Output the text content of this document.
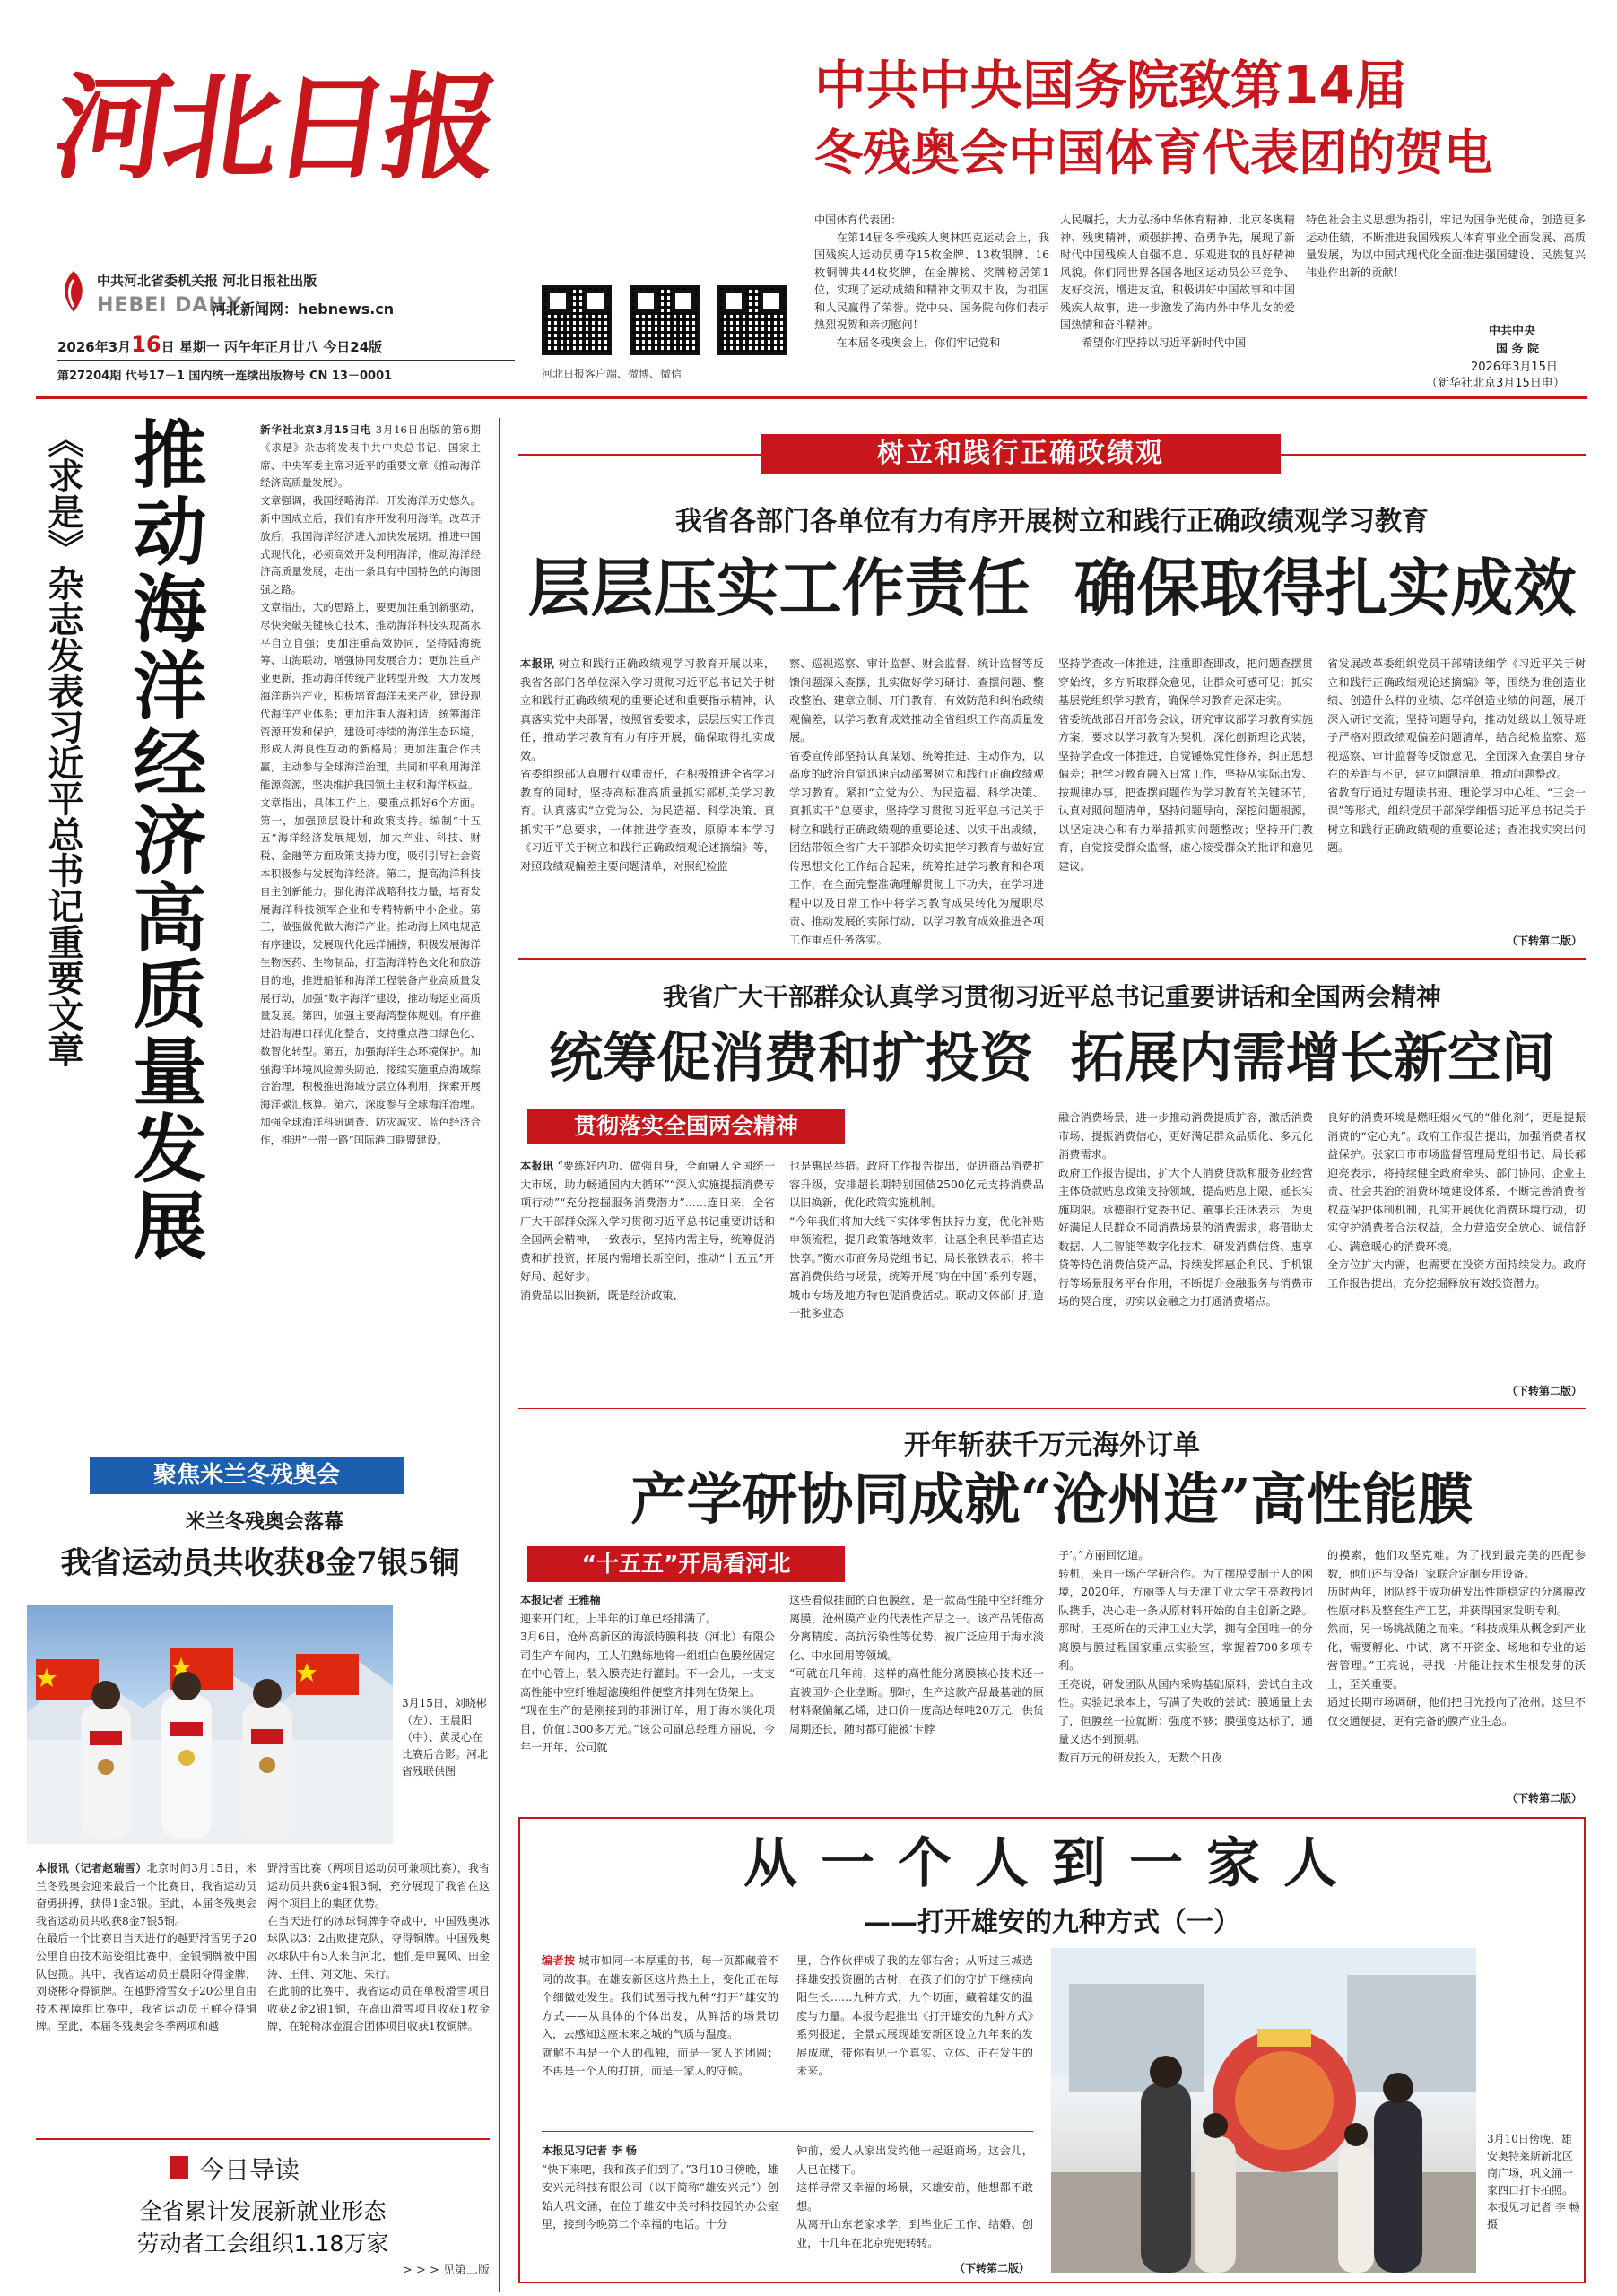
河北日报
中共河北省委机关报 河北日报社出版
HEBEI DAILY
河北新闻网：hebnews.cn
2026年3月16日 星期一 丙午年正月廿八 今日24版
第27204期 代号17－1 国内统一连续出版物号 CN 13－0001	河北日报客户端、微博、微信
中共中央国务院致第14届
冬残奥会中国体育代表团的贺电
中国体育代表团：
　　在第14届冬季残疾人奥林匹克运动会上，我国残疾人运动员勇夺15枚金牌、13枚银牌、16枚铜牌共44枚奖牌，在金牌榜、奖牌榜居第1位，实现了运动成绩和精神文明双丰收，为祖国和人民赢得了荣誉。党中央、国务院向你们表示热烈祝贺和亲切慰问！
　　在本届冬残奥会上，你们牢记党和
人民嘱托，大力弘扬中华体育精神、北京冬奥精神、残奥精神，顽强拼搏、奋勇争先，展现了新时代中国残疾人自强不息、乐观进取的良好精神风貌。你们同世界各国各地区运动员公平竞争、友好交流，增进友谊，积极讲好中国故事和中国残疾人故事，进一步激发了海内外中华儿女的爱国热情和奋斗精神。
　　希望你们坚持以习近平新时代中国
特色社会主义思想为指引，牢记为国争光使命，创造更多运动佳绩，不断推进我国残疾人体育事业全面发展、高质量发展，为以中国式现代化全面推进强国建设、民族复兴伟业作出新的贡献！
中共中央
国 务 院
2026年3月15日
（新华社北京3月15日电）
《求是》杂志发表习近平总书记重要文章 推动海洋经济高质量发展	新华社北京3月15日电 3月16日出版的第6期《求是》杂志将发表中共中央总书记、国家主席、中央军委主席习近平的重要文章《推动海洋经济高质量发展》。
文章强调，我国经略海洋、开发海洋历史悠久。新中国成立后，我们有序开发利用海洋。改革开放后，我国海洋经济进入加快发展期。推进中国式现代化，必须高效开发利用海洋，推动海洋经济高质量发展，走出一条具有中国特色的向海图强之路。
文章指出，大的思路上，要更加注重创新驱动，尽快突破关键核心技术，推动海洋科技实现高水平自立自强；更加注重高效协同，坚持陆海统筹、山海联动，增强协同发展合力；更加注重产业更新，推动海洋传统产业转型升级，大力发展海洋新兴产业，积极培育海洋未来产业，建设现代海洋产业体系；更加注重人海和谐，统筹海洋资源开发和保护，建设可持续的海洋生态环境，形成人海良性互动的新格局；更加注重合作共赢，主动参与全球海洋治理，共同和平利用海洋能源资源，坚决维护我国领土主权和海洋权益。
文章指出，具体工作上，要重点抓好6个方面。第一，加强顶层设计和政策支持。编制“十五五”海洋经济发展规划，加大产业、科技、财税、金融等方面政策支持力度，吸引引导社会资本积极参与发展海洋经济。第二，提高海洋科技自主创新能力。强化海洋战略科技力量，培育发展海洋科技领军企业和专精特新中小企业。第三，做强做优做大海洋产业。推动海上风电规范有序建设，发展现代化远洋捕捞，积极发展海洋生物医药、生物制品，打造海洋特色文化和旅游目的地，推进船舶和海洋工程装备产业高质量发展行动，加强“数字海洋”建设，推动海运业高质量发展。第四，加强主要海湾整体规划。有序推进沿海港口群优化整合，支持重点港口绿色化、数智化转型。第五，加强海洋生态环境保护。加强海洋环境风险源头防范，接续实施重点海域综合治理，积极推进海域分层立体利用，探索开展海洋碳汇核算。第六，深度参与全球海洋治理。加强全球海洋科研调查、防灾减灾、蓝色经济合作，推进“一带一路”国际港口联盟建设。
聚焦米兰冬残奥会
米兰冬残奥会落幕
我省运动员共收获8金7银5铜
3月15日，刘晓彬（左）、王晨阳（中）、黄灵心在比赛后合影。河北省残联供图
本报讯（记者赵瑞雪）北京时间3月15日，米兰冬残奥会迎来最后一个比赛日，我省运动员奋勇拼搏，获得1金3银。至此，本届冬残奥会我省运动员共收获8金7银5铜。
在最后一个比赛日当天进行的越野滑雪男子20公里自由技术站姿组比赛中，金银铜牌被中国队包揽。其中，我省运动员王晨阳夺得金牌，刘晓彬夺得铜牌。在越野滑雪女子20公里自由技术视障组比赛中，我省运动员王鲜夺得铜牌。至此，本届冬残奥会冬季两项和越
野滑雪比赛（两项目运动员可兼项比赛），我省运动员共获6金4银3铜，充分展现了我省在这两个项目上的集团优势。
在当天进行的冰球铜牌争夺战中，中国残奥冰球队以3：2击败捷克队，夺得铜牌。中国残奥冰球队中有5人来自河北，他们是申翼风、田金涛、王伟、刘文旭、朱行。
在此前的比赛中，我省运动员在单板滑雪项目收获2金2银1铜，在高山滑雪项目收获1枚金牌，在轮椅冰壶混合团体项目收获1枚铜牌。
今日导读
全省累计发展新就业形态
劳动者工会组织1.18万家
> > > 见第二版
树立和践行正确政绩观
我省各部门各单位有力有序开展树立和践行正确政绩观学习教育
层层压实工作责任  确保取得扎实成效
本报讯 树立和践行正确政绩观学习教育开展以来，我省各部门各单位深入学习贯彻习近平总书记关于树立和践行正确政绩观的重要论述和重要指示精神，认真落实党中央部署，按照省委要求，层层压实工作责任，推动学习教育有力有序开展，确保取得扎实成效。
省委组织部认真履行双重责任，在积极推进全省学习教育的同时，坚持高标准高质量抓实部机关学习教育。认真落实“立党为公、为民造福、科学决策、真抓实干”总要求，一体推进学查改，原原本本学习《习近平关于树立和践行正确政绩观论述摘编》等，对照政绩观偏差主要问题清单，对照纪检监
察、巡视巡察、审计监督、财会监督、统计监督等反馈问题深入查摆，扎实做好学习研讨、查摆问题、整改整治、建章立制、开门教育，有效防范和纠治政绩观偏差，以学习教育成效推动全省组织工作高质量发展。
省委宣传部坚持认真谋划、统筹推进、主动作为，以高度的政治自觉迅速启动部署树立和践行正确政绩观学习教育。紧扣“立党为公、为民造福、科学决策、真抓实干”总要求，坚持学习贯彻习近平总书记关于树立和践行正确政绩观的重要论述、以实干出成绩，团结带领全省广大干部群众切实把学习教育与做好宣传思想文化工作结合起来，统筹推进学习教育和各项工作，在全面完整准确理解贯彻上下功夫，在学习进程中以及日常工作中将学习教育成果转化为履职尽责、推动发展的实际行动，以学习教育成效推进各项工作重点任务落实。
坚持学查改一体推进，注重即查即改，把问题查摆贯穿始终，多方听取群众意见，让群众可感可见；抓实基层党组织学习教育，确保学习教育走深走实。
省委统战部召开部务会议，研究审议部学习教育实施方案，要求以学习教育为契机，深化创新理论武装，坚持学查改一体推进，自觉锤炼党性修养，纠正思想偏差；把学习教育融入日常工作，坚持从实际出发、按规律办事，把查摆问题作为学习教育的关键环节，认真对照问题清单，坚持问题导向，深挖问题根源，以坚定决心和有力举措抓实问题整改；坚持开门教育，自觉接受群众监督，虚心接受群众的批评和意见建议。
省发展改革委组织党员干部精读细学《习近平关于树立和践行正确政绩观论述摘编》等，围绕为谁创造业绩、创造什么样的业绩、怎样创造业绩的问题，展开深入研讨交流；坚持问题导向，推动处级以上领导班子严格对照政绩观偏差问题清单，结合纪检监察、巡视巡察、审计监督等反馈意见，全面深入查摆自身存在的差距与不足，建立问题清单，推动问题整改。
省教育厅通过专题读书班、理论学习中心组、“三会一课”等形式，组织党员干部深学细悟习近平总书记关于树立和践行正确政绩观的重要论述；查准找实突出问题。
（下转第二版）
我省广大干部群众认真学习贯彻习近平总书记重要讲话和全国两会精神
统筹促消费和扩投资  拓展内需增长新空间
贯彻落实全国两会精神
本报讯 “要练好内功、做强自身，全面融入全国统一大市场，助力畅通国内大循环”“深入实施提振消费专项行动”“充分挖掘服务消费潜力”……连日来，全省广大干部群众深入学习贯彻习近平总书记重要讲话和全国两会精神，一致表示，坚持内需主导，统筹促消费和扩投资，拓展内需增长新空间，推动“十五五”开好局、起好步。
消费品以旧换新，既是经济政策，
也是惠民举措。政府工作报告提出，促进商品消费扩容升级，安排超长期特别国债2500亿元支持消费品以旧换新，优化政策实施机制。
“今年我们将加大线下实体零售扶持力度，优化补贴申领流程，提升政策落地效率，让惠企利民举措直达快享。”衡水市商务局党组书记、局长张铁表示，将丰富消费供给与场景，统筹开展“购在中国”系列专题，城市专场及地方特色促消费活动。联动文体部门打造一批多业态
融合消费场景，进一步推动消费提质扩容，激活消费市场、提振消费信心，更好满足群众品质化、多元化消费需求。
政府工作报告提出，扩大个人消费贷款和服务业经营主体贷款贴息政策支持领域，提高贴息上限，延长实施期限。承德银行党委书记、董事长汪沐表示，为更好满足人民群众不同消费场景的消费需求，将借助大数据、人工智能等数字化技术，研发消费信贷、惠享贷等特色消费信贷产品，持续发挥惠企利民、手机银行等场景服务平台作用，不断提升金融服务与消费市场的契合度，切实以金融之力打通消费堵点。
良好的消费环境是燃旺烟火气的“催化剂”，更是提振消费的“定心丸”。政府工作报告提出，加强消费者权益保护。张家口市市场监督管理局党组书记、局长郝迎亮表示，将持续健全政府牵头、部门协同、企业主责、社会共治的消费环境建设体系，不断完善消费者权益保护体制机制，扎实开展优化消费环境行动，切实守护消费者合法权益，全力营造安全放心、诚信舒心、满意暖心的消费环境。
全方位扩大内需，也需要在投资方面持续发力。政府工作报告提出，充分挖掘释放有效投资潜力。
（下转第二版）
开年斩获千万元海外订单
产学研协同成就“沧州造”高性能膜
“十五五”开局看河北
本报记者 王雅楠
迎来开门红，上半年的订单已经排满了。
3月6日，沧州高新区的海派特膜科技（河北）有限公司生产车间内，工人们熟练地将一组组白色膜丝固定在中心管上，装入膜壳进行灌封。不一会儿，一支支高性能中空纤维超滤膜组件便整齐排列在货架上。
“现在生产的是刚接到的菲洲订单，用于海水淡化项目，价值1300多万元。”该公司副总经理方丽说，今年一开年，公司就
这些看似挂面的白色膜丝，是一款高性能中空纤维分离膜，沧州膜产业的代表性产品之一。该产品凭借高分离精度、高抗污染性等优势，被广泛应用于海水淡化、中水回用等领域。
“可就在几年前，这样的高性能分离膜核心技术还一直被国外企业垄断。那时，生产这款产品最基础的原材料聚偏氟乙烯，进口价一度高达每吨20万元，供货周期还长，随时都可能被‘卡脖
子’。”方丽回忆道。
转机，来自一场产学研合作。为了摆脱受制于人的困境，2020年，方丽等人与天津工业大学王亮教授团队携手，决心走一条从原材料开始的自主创新之路。那时，王亮所在的天津工业大学，拥有全国唯一的分离膜与膜过程国家重点实验室，掌握着700多项专利。
王亮说，研发团队从国内采购基础原料，尝试自主改性。实验记录本上，写满了失败的尝试：膜通量上去了，但膜丝一拉就断；强度不够；膜强度达标了，通量又达不到预期。
数百万元的研发投入，无数个日夜
的摸索，他们攻坚克难。为了找到最完美的匹配参数，他们还与设备厂家联合定制专用设备。
历时两年，团队终于成功研发出性能稳定的分离膜改性原材料及整套生产工艺，并获得国家发明专利。
然而，另一场挑战随之而来。“科技成果从概念到产业化，需要孵化、中试，离不开资金、场地和专业的运营管理。”王亮说，寻找一片能让技术生根发芽的沃土，至关重要。
通过长期市场调研，他们把目光投向了沧州。这里不仅交通便捷，更有完备的膜产业生态。
（下转第二版）
从一个人到一家人
——打开雄安的九种方式（一）
编者按 城市如同一本厚重的书，每一页都藏着不同的故事。在雄安新区这片热土上，变化正在每个细微处发生。我们试图寻找九种“打开”雄安的方式——从具体的个体出发，从鲜活的场景切入，去感知这座未来之城的气质与温度。
就解不再是一个人的孤独，而是一家人的团圆；不再是一个人的打拼，而是一家人的守候。
里，合作伙伴成了我的左邻右舍；从听过三城选择雄安投资圈的古树，在孩子们的守护下继续向阳生长……九种方式，九个切面，藏着雄安的温度与力量。本报今起推出《打开雄安的九种方式》系列报道，全景式展现雄安新区设立九年来的发展成就，带你看见一个真实、立体、正在发生的未来。
本报见习记者 李 畅
“快下来吧，我和孩子们到了。”3月10日傍晚，雄安兴元科技有限公司（以下简称“雄安兴元”）创始人巩文涌，在位于雄安中关村科技园的办公室里，接到今晚第二个幸福的电话。十分
钟前，爱人从家出发约他一起逛商场。这会儿，人已在楼下。
这样寻常又幸福的场景，来雄安前，他想都不敢想。
从离开山东老家求学，到毕业后工作、结婚、创业，十几年在北京兜兜转转。
（下转第二版）
3月10日傍晚，雄安奥特莱斯新北区商广场，巩文涌一家四口打卡拍照。本报见习记者 李 畅摄
